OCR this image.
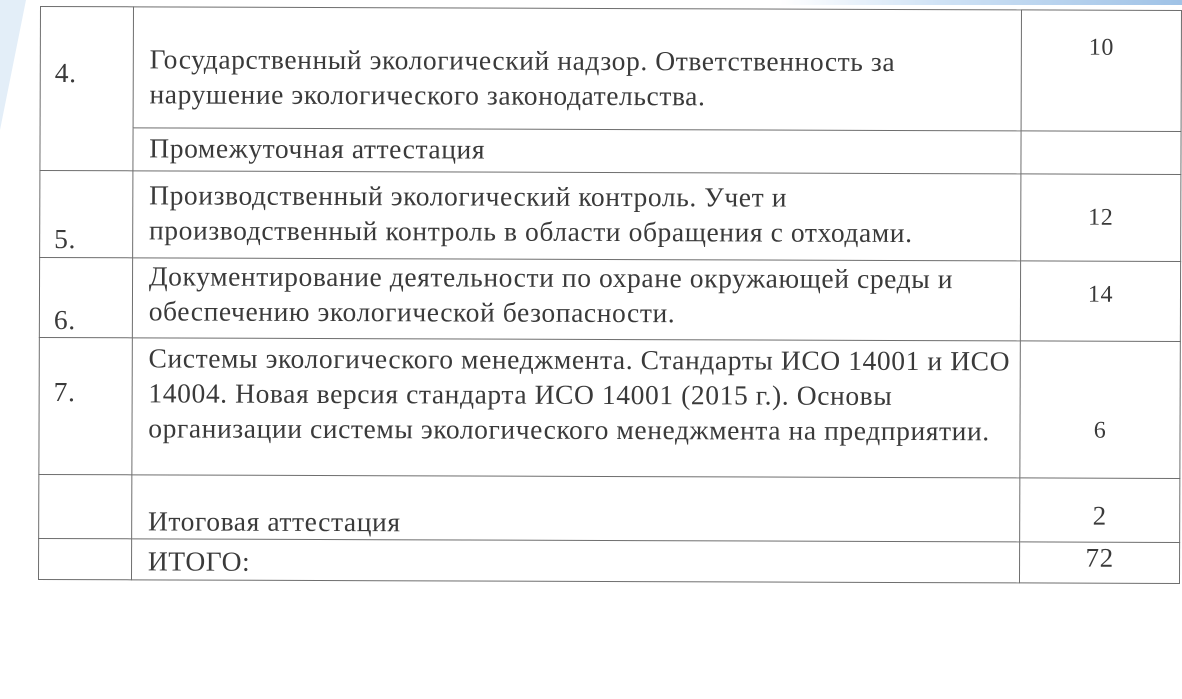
4.	Государственный экологический надзор. Ответственность за нарушение экологического законодательства.	10

	Промежуточная аттестация	

5.	Производственный экологический контроль. Учет и производственный контроль в области обращения с отходами.	12

6.	Документирование деятельности по охране окружающей среды и обеспечению экологической безопасности.	14

7.	Системы экологического менеджмента. Стандарты ИСО 14001 и ИСО 14004. Новая версия стандарта ИСО 14001 (2015 г.). Основы организации системы экологического менеджмента на предприятии.	6

	Итоговая аттестация	2

	ИТОГО:	72
